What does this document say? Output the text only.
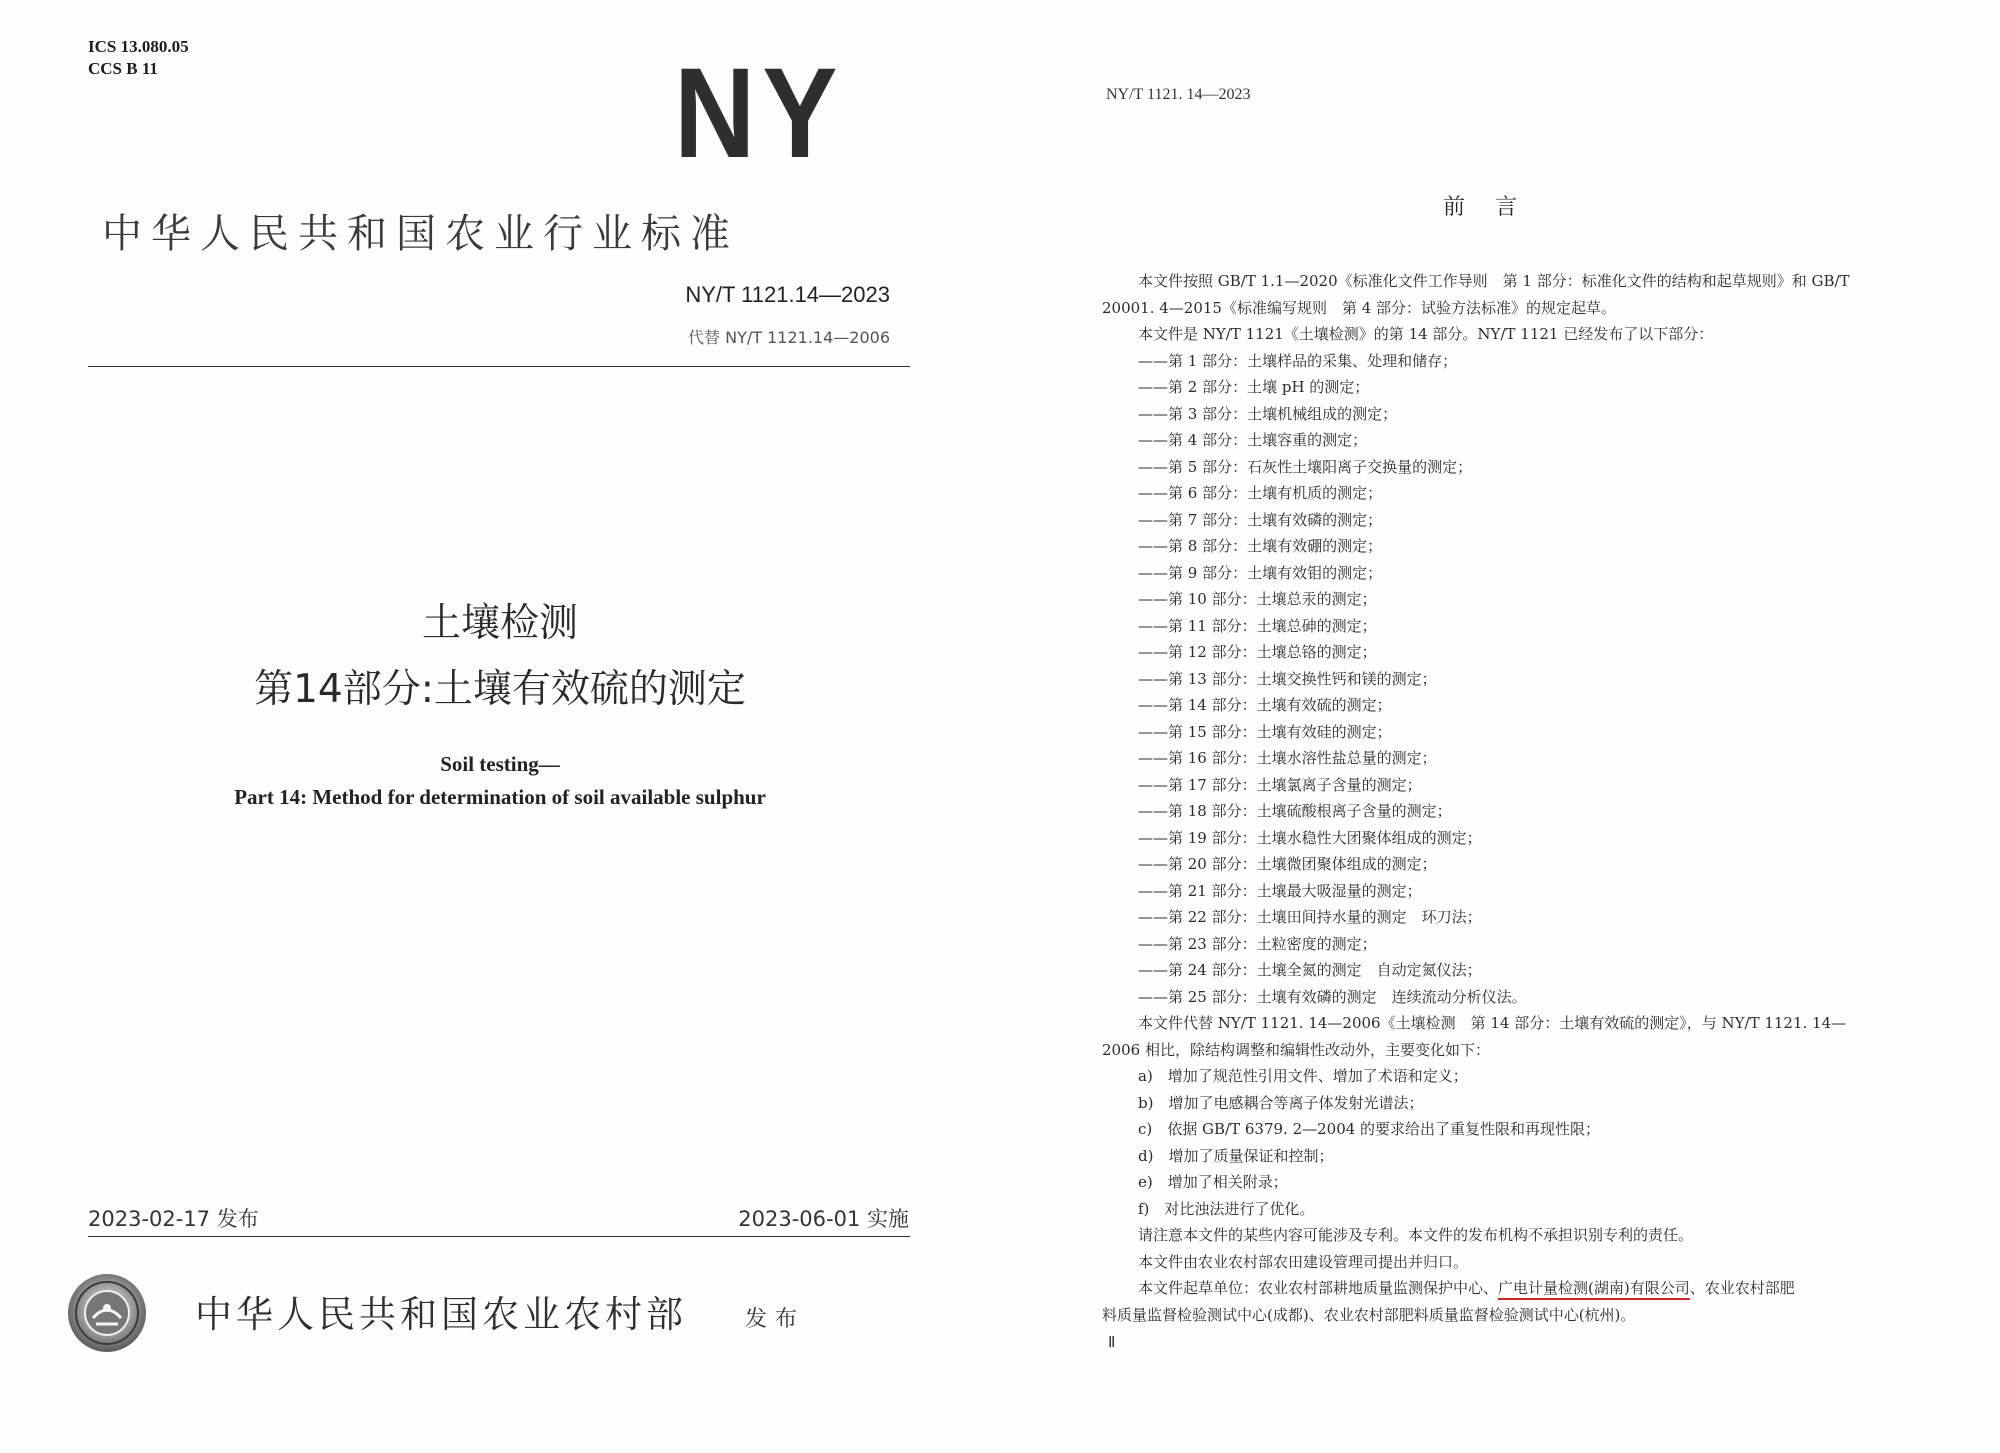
ICS 13.080.05
CCS B 11	NY
中华人民共和国农业行业标准
NY/T 1121.14—2023
代替 NY/T 1121.14—2006
土壤检测
第14部分:土壤有效硫的测定
Soil testing—
Part 14: Method for determination of soil available sulphur
2023-02-17 发布	2023-06-01 实施
中华人民共和国农业农村部	发布
NY/T 1121. 14—2023
前言
本文件按照 GB/T 1.1—2020《标准化文件工作导则　第 1 部分：标准化文件的结构和起草规则》和 GB/T
20001. 4—2015《标准编写规则　第 4 部分：试验方法标准》的规定起草。
本文件是 NY/T 1121《土壤检测》的第 14 部分。NY/T 1121 已经发布了以下部分：
——第 1 部分：土壤样品的采集、处理和储存；
——第 2 部分：土壤 pH 的测定；
——第 3 部分：土壤机械组成的测定；
——第 4 部分：土壤容重的测定；
——第 5 部分：石灰性土壤阳离子交换量的测定；
——第 6 部分：土壤有机质的测定；
——第 7 部分：土壤有效磷的测定；
——第 8 部分：土壤有效硼的测定；
——第 9 部分：土壤有效钼的测定；
——第 10 部分：土壤总汞的测定；
——第 11 部分：土壤总砷的测定；
——第 12 部分：土壤总铬的测定；
——第 13 部分：土壤交换性钙和镁的测定；
——第 14 部分：土壤有效硫的测定；
——第 15 部分：土壤有效硅的测定；
——第 16 部分：土壤水溶性盐总量的测定；
——第 17 部分：土壤氯离子含量的测定；
——第 18 部分：土壤硫酸根离子含量的测定；
——第 19 部分：土壤水稳性大团聚体组成的测定；
——第 20 部分：土壤微团聚体组成的测定；
——第 21 部分：土壤最大吸湿量的测定；
——第 22 部分：土壤田间持水量的测定　环刀法；
——第 23 部分：土粒密度的测定；
——第 24 部分：土壤全氮的测定　自动定氮仪法；
——第 25 部分：土壤有效磷的测定　连续流动分析仪法。
本文件代替 NY/T 1121. 14—2006《土壤检测　第 14 部分：土壤有效硫的测定》，与 NY/T 1121. 14—
2006 相比，除结构调整和编辑性改动外，主要变化如下：
a)　增加了规范性引用文件、增加了术语和定义；
b)　增加了电感耦合等离子体发射光谱法；
c)　依据 GB/T 6379. 2—2004 的要求给出了重复性限和再现性限；
d)　增加了质量保证和控制；
e)　增加了相关附录；
f)　对比浊法进行了优化。
请注意本文件的某些内容可能涉及专利。本文件的发布机构不承担识别专利的责任。
本文件由农业农村部农田建设管理司提出并归口。
本文件起草单位：农业农村部耕地质量监测保护中心、广电计量检测(湖南)有限公司、农业农村部肥
料质量监督检验测试中心(成都)、农业农村部肥料质量监督检验测试中心(杭州)。
Ⅱ
